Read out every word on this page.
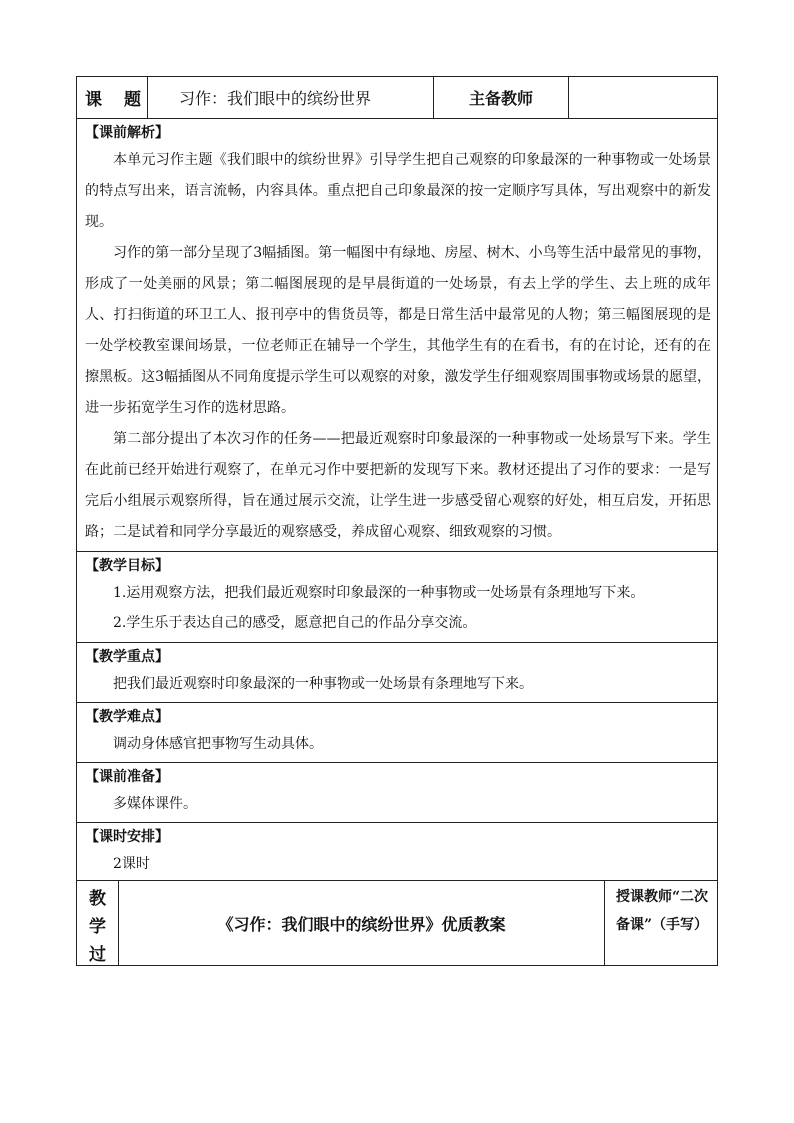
课 题 习作：我们眼中的缤纷世界	主备教师
【课前解析】

本单元习作主题《我们眼中的缤纷世界》引导学生把自己观察的印象最深的一种事物或一处场景的特点写出来，语言流畅，内容具体。重点把自己印象最深的按一定顺序写具体，写出观察中的新发现。

习作的第一部分呈现了3幅插图。第一幅图中有绿地、房屋、树木、小鸟等生活中最常见的事物，形成了一处美丽的风景；第二幅图展现的是早晨街道的一处场景，有去上学的学生、去上班的成年人、打扫街道的环卫工人、报刊亭中的售货员等，都是日常生活中最常见的人物；第三幅图展现的是一处学校教室课间场景，一位老师正在辅导一个学生，其他学生有的在看书，有的在讨论，还有的在擦黑板。这3幅插图从不同角度提示学生可以观察的对象，激发学生仔细观察周围事物或场景的愿望，进一步拓宽学生习作的选材思路。

第二部分提出了本次习作的任务——把最近观察时印象最深的一种事物或一处场景写下来。学生在此前已经开始进行观察了，在单元习作中要把新的发现写下来。教材还提出了习作的要求：一是写完后小组展示观察所得，旨在通过展示交流，让学生进一步感受留心观察的好处，相互启发，开拓思路；二是试着和同学分享最近的观察感受，养成留心观察、细致观察的习惯。

【教学目标】

1.运用观察方法，把我们最近观察时印象最深的一种事物或一处场景有条理地写下来。

2.学生乐于表达自己的感受，愿意把自己的作品分享交流。

【教学重点】

把我们最近观察时印象最深的一种事物或一处场景有条理地写下来。

【教学难点】

调动身体感官把事物写生动具体。

【课前准备】

多媒体课件。

【课时安排】

2课时

教
学
过
《习作：我们眼中的缤纷世界》优质教案
授课教师“二次备课”（手写）
